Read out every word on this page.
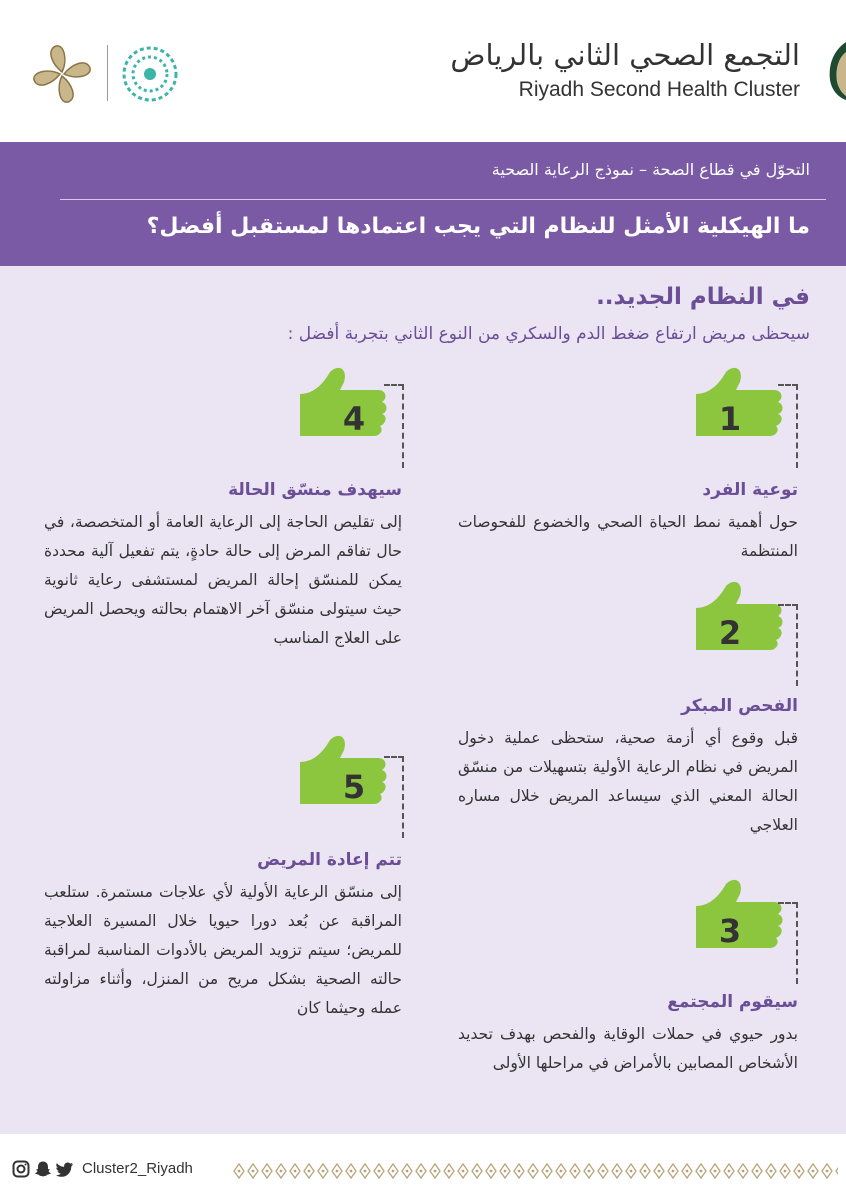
التجمع الصحي الثاني بالرياض
Riyadh Second Health Cluster
التحوّل في قطاع الصحة – نموذج الرعاية الصحية
ما الهيكلية الأمثل للنظام التي يجب اعتمادها لمستقبل أفضل؟
في النظام الجديد..
سيحظى مريض ارتفاع ضغط الدم والسكري من النوع الثاني بتجربة أفضل :
1
توعية الفرد
حول أهمية نمط الحياة الصحي والخضوع للفحوصات المنتظمة
2
الفحص المبكر
قبل وقوع أي أزمة صحية، ستحظى عملية دخول المريض في نظام الرعاية الأولية بتسهيلات من منسّق الحالة المعني الذي سيساعد المريض خلال مساره العلاجي
3
سيقوم المجتمع
بدور حيوي في حملات الوقاية والفحص بهدف تحديد الأشخاص المصابين بالأمراض في مراحلها الأولى
4
سيهدف منسّق الحالة
إلى تقليص الحاجة إلى الرعاية العامة أو المتخصصة، في حال تفاقم المرض إلى حالة حادةٍ، يتم تفعيل آلية محددة يمكن للمنسّق إحالة المريض لمستشفى رعاية ثانوية حيث سيتولى منسّق آخر الاهتمام بحالته ويحصل المريض على العلاج المناسب
5
تتم إعادة المريض
إلى منسّق الرعاية الأولية لأي علاجات مستمرة. ستلعب المراقبة عن بُعد دورا حيويا خلال المسيرة العلاجية للمريض؛ سيتم تزويد المريض بالأدوات المناسبة لمراقبة حالته الصحية بشكل مريح من المنزل، وأثناء مزاولته عمله وحيثما كان
Cluster2_Riyadh
